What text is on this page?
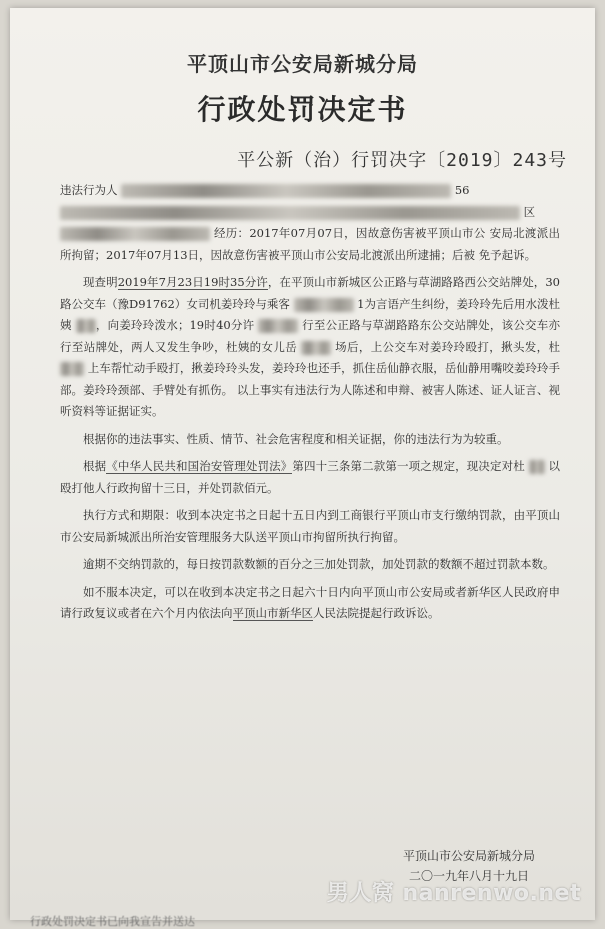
平顶山市公安局新城分局
行政处罚决定书
平公新（治）行罚决字〔2019〕243号

违法行为人	56
区
经历：2017年07月07日，因故意伤害被平顶山市公 安局北渡派出所拘留；2017年07月13日，因故意伤害被平顶山市公安局北渡派出所逮捕；后被 免予起诉。

现查明2019年7月23日19时35分许，在平顶山市新城区公正路与草湖路路西公交站牌处，30路公交车（豫D91762）女司机姜玲玲与乘客	1为言语产生纠纷，姜玲玲先后用水泼杜姨 ，向姜玲玲泼水；19时40分许	行至公正路与草湖路路东公交站牌处，该公交车亦行至站牌处，两人又发生争吵，杜姨的女儿岳	场后，上公交车对姜玲玲殴打，揪头发，杜  上车帮忙动手殴打，揪姜玲玲头发，姜玲玲也还手，抓住岳仙静衣服，岳仙静用嘴咬姜玲玲手部。姜玲玲颈部、手臂处有抓伤。 以上事实有违法行为人陈述和申辩、被害人陈述、证人证言、视听资料等证据证实。

根据你的违法事实、性质、情节、社会危害程度和相关证据，你的违法行为为较重。

根据《中华人民共和国治安管理处罚法》第四十三条第二款第一项之规定，现决定对杜 以殴打他人行政拘留十三日，并处罚款佰元。

执行方式和期限：收到本决定书之日起十五日内到工商银行平顶山市支行缴纳罚款，由平顶山市公安局新城派出所治安管理服务大队送平顶山市拘留所执行拘留。

逾期不交纳罚款的，每日按罚款数额的百分之三加处罚款，加处罚款的数额不超过罚款本数。

如不服本决定，可以在收到本决定书之日起六十日内向平顶山市公安局或者新华区人民政府申请行政复议或者在六个月内依法向平顶山市新华区人民法院提起行政诉讼。

平顶山市公安局新城分局
二〇一九年八月十九日
男人窝 nanrenwo.net
行政处罚决定书已向我宣告并送达
